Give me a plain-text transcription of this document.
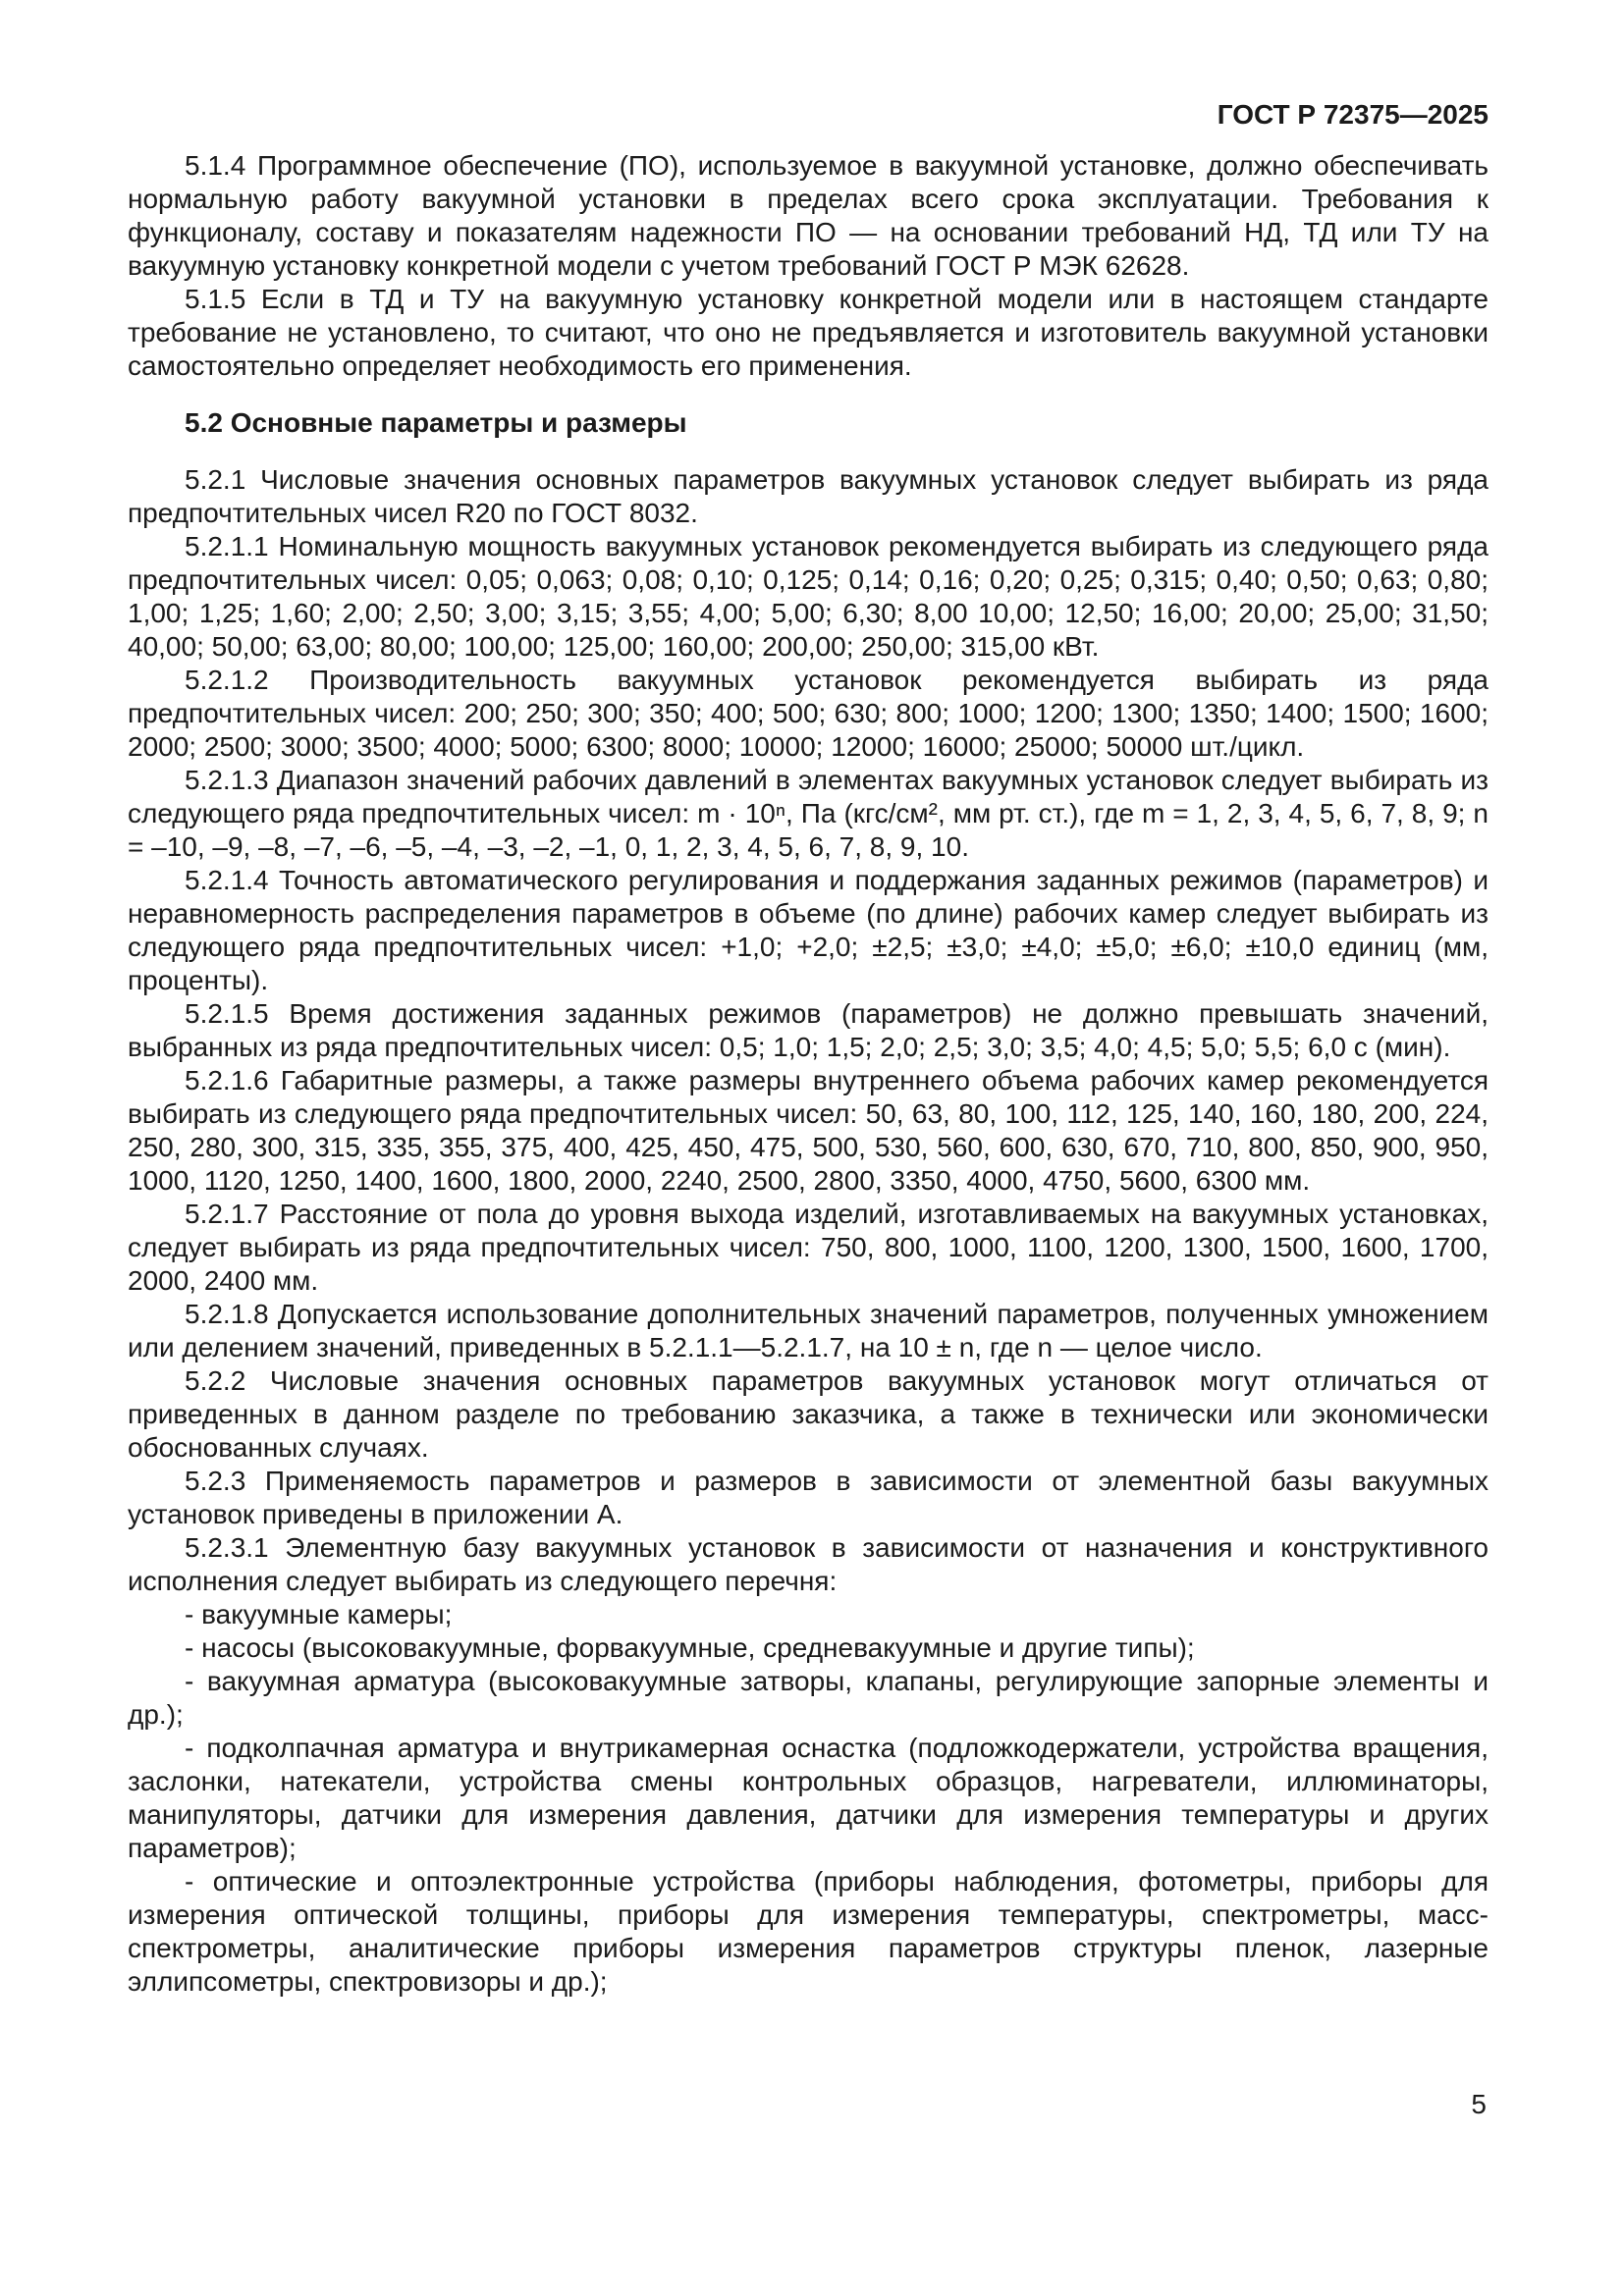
ГОСТ Р 72375—2025

5.1.4 Программное обеспечение (ПО), используемое в вакуумной установке, должно обеспечивать нормальную работу вакуумной установки в пределах всего срока эксплуатации. Требования к функционалу, составу и показателям надежности ПО — на основании требований НД, ТД или ТУ на вакуумную установку конкретной модели с учетом требований ГОСТ Р МЭК 62628.

5.1.5 Если в ТД и ТУ на вакуумную установку конкретной модели или в настоящем стандарте требование не установлено, то считают, что оно не предъявляется и изготовитель вакуумной установки самостоятельно определяет необходимость его применения.

5.2 Основные параметры и размеры

5.2.1 Числовые значения основных параметров вакуумных установок следует выбирать из ряда предпочтительных чисел R20 по ГОСТ 8032.

5.2.1.1 Номинальную мощность вакуумных установок рекомендуется выбирать из следующего ряда предпочтительных чисел: 0,05; 0,063; 0,08; 0,10; 0,125; 0,14; 0,16; 0,20; 0,25; 0,315; 0,40; 0,50; 0,63; 0,80; 1,00; 1,25; 1,60; 2,00; 2,50; 3,00; 3,15; 3,55; 4,00; 5,00; 6,30; 8,00 10,00; 12,50; 16,00; 20,00; 25,00; 31,50; 40,00; 50,00; 63,00; 80,00; 100,00; 125,00; 160,00; 200,00; 250,00; 315,00 кВт.

5.2.1.2 Производительность вакуумных установок рекомендуется выбирать из ряда предпочтительных чисел: 200; 250; 300; 350; 400; 500; 630; 800; 1000; 1200; 1300; 1350; 1400; 1500; 1600; 2000; 2500; 3000; 3500; 4000; 5000; 6300; 8000; 10000; 12000; 16000; 25000; 50000 шт./цикл.

5.2.1.3 Диапазон значений рабочих давлений в элементах вакуумных установок следует выбирать из следующего ряда предпочтительных чисел: m · 10ⁿ, Па (кгс/см², мм рт. ст.), где m = 1, 2, 3, 4, 5, 6, 7, 8, 9; n = –10, –9, –8, –7, –6, –5, –4, –3, –2, –1, 0, 1, 2, 3, 4, 5, 6, 7, 8, 9, 10.

5.2.1.4 Точность автоматического регулирования и поддержания заданных режимов (параметров) и неравномерность распределения параметров в объеме (по длине) рабочих камер следует выбирать из следующего ряда предпочтительных чисел: +1,0; +2,0; ±2,5; ±3,0; ±4,0; ±5,0; ±6,0; ±10,0 единиц (мм, проценты).

5.2.1.5 Время достижения заданных режимов (параметров) не должно превышать значений, выбранных из ряда предпочтительных чисел: 0,5; 1,0; 1,5; 2,0; 2,5; 3,0; 3,5; 4,0; 4,5; 5,0; 5,5; 6,0 с (мин).

5.2.1.6 Габаритные размеры, а также размеры внутреннего объема рабочих камер рекомендуется выбирать из следующего ряда предпочтительных чисел: 50, 63, 80, 100, 112, 125, 140, 160, 180, 200, 224, 250, 280, 300, 315, 335, 355, 375, 400, 425, 450, 475, 500, 530, 560, 600, 630, 670, 710, 800, 850, 900, 950, 1000, 1120, 1250, 1400, 1600, 1800, 2000, 2240, 2500, 2800, 3350, 4000, 4750, 5600, 6300 мм.

5.2.1.7 Расстояние от пола до уровня выхода изделий, изготавливаемых на вакуумных установках, следует выбирать из ряда предпочтительных чисел: 750, 800, 1000, 1100, 1200, 1300, 1500, 1600, 1700, 2000, 2400 мм.

5.2.1.8 Допускается использование дополнительных значений параметров, полученных умножением или делением значений, приведенных в 5.2.1.1—5.2.1.7, на 10 ± n, где n — целое число.

5.2.2 Числовые значения основных параметров вакуумных установок могут отличаться от приведенных в данном разделе по требованию заказчика, а также в технически или экономически обоснованных случаях.

5.2.3 Применяемость параметров и размеров в зависимости от элементной базы вакуумных установок приведены в приложении А.

5.2.3.1 Элементную базу вакуумных установок в зависимости от назначения и конструктивного исполнения следует выбирать из следующего перечня:

- вакуумные камеры;

- насосы (высоковакуумные, форвакуумные, средневакуумные и другие типы);

- вакуумная арматура (высоковакуумные затворы, клапаны, регулирующие запорные элементы и др.);

- подколпачная арматура и внутрикамерная оснастка (подложкодержатели, устройства вращения, заслонки, натекатели, устройства смены контрольных образцов, нагреватели, иллюминаторы, манипуляторы, датчики для измерения давления, датчики для измерения температуры и других параметров);

- оптические и оптоэлектронные устройства (приборы наблюдения, фотометры, приборы для измерения оптической толщины, приборы для измерения температуры, спектрометры, масс-спектрометры, аналитические приборы измерения параметров структуры пленок, лазерные эллипсометры, спектровизоры и др.);

5
